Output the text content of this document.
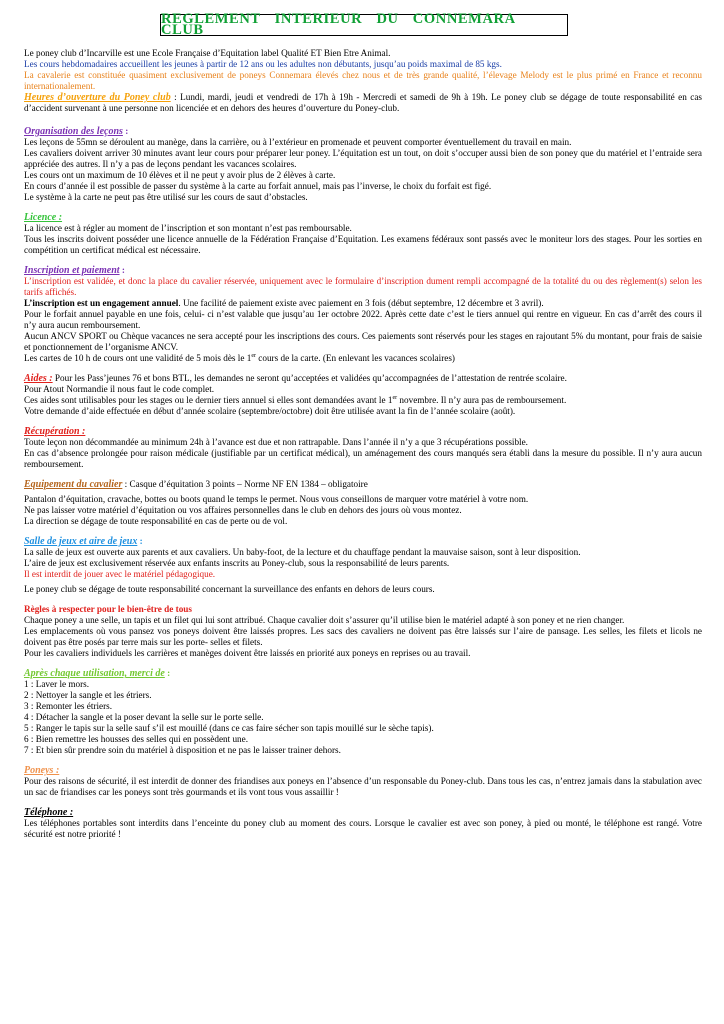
REGLEMENT INTERIEUR DU CONNEMARA CLUB

Le poney club d’Incarville est une Ecole Française d’Equitation label Qualité ET Bien Etre Animal.

Les cours hebdomadaires accueillent les jeunes à partir de 12 ans ou les adultes non débutants, jusqu’au poids maximal de 85 kgs.

La cavalerie est constituée quasiment exclusivement de poneys Connemara élevés chez nous et de très grande qualité, l’élevage Melody est le plus primé en France et reconnu internationalement.

Heures d’ouverture du Poney club : Lundi, mardi, jeudi et vendredi de 17h à 19h - Mercredi et samedi de 9h à 19h. Le poney club se dégage de toute responsabilité en cas d’accident survenant à une personne non licenciée et en dehors des heures d’ouverture du Poney-club.

Organisation des leçons :

Les leçons de 55mn se déroulent au manège, dans la carrière, ou à l’extérieur en promenade et peuvent comporter éventuellement du travail en main.

Les cavaliers doivent arriver 30 minutes avant leur cours pour préparer leur poney. L’équitation est un tout, on doit s’occuper aussi bien de son poney que du matériel et l’entraide sera appréciée des autres. Il n’y a pas de leçons pendant les vacances scolaires.

Les cours ont un maximum de 10 élèves et il ne peut y avoir plus de 2 élèves à carte.

En cours d’année il est possible de passer du système à la carte au forfait annuel, mais pas l’inverse, le choix du forfait est figé.

Le système à la carte ne peut pas être utilisé sur les cours de saut d’obstacles.

Licence :

La licence est à régler au moment de l’inscription et son montant n’est pas remboursable.

Tous les inscrits doivent posséder une licence annuelle de la Fédération Française d’Equitation. Les examens fédéraux sont passés avec le moniteur lors des stages. Pour les sorties en compétition un certificat médical est nécessaire.

Inscription et paiement :

L’inscription est validée, et donc la place du cavalier réservée, uniquement avec le formulaire d’inscription dument rempli accompagné de la totalité du ou des règlement(s) selon les tarifs affichés.

L’inscription est un engagement annuel. Une facilité de paiement existe avec paiement en 3 fois (début septembre, 12 décembre et 3 avril).

Pour le forfait annuel payable en une fois, celui- ci n’est valable que jusqu’au 1er octobre 2022. Après cette date c’est le tiers annuel qui rentre en vigueur. En cas d’arrêt des cours il n’y aura aucun remboursement.

Aucun ANCV SPORT ou Chèque vacances ne sera accepté pour les inscriptions des cours. Ces paiements sont réservés pour les stages en rajoutant 5% du montant, pour frais de saisie et ponctionnement de l’organisme ANCV.

Les cartes de 10 h de cours ont une validité de 5 mois dès le 1er cours de la carte. (En enlevant les vacances scolaires)

Aides : Pour les Pass’jeunes 76 et bons BTL, les demandes ne seront qu’acceptées et validées qu’accompagnées de l’attestation de rentrée scolaire.

Pour Atout Normandie il nous faut le code complet.

Ces aides sont utilisables pour les stages ou le dernier tiers annuel si elles sont demandées avant le 1er novembre. Il n’y aura pas de remboursement.

Votre demande d’aide effectuée en début d’année scolaire (septembre/octobre) doit être utilisée avant la fin de l’année scolaire (août).

Récupération :

Toute leçon non décommandée au minimum 24h à l’avance est due et non rattrapable. Dans l’année il n’y a que 3 récupérations possible.

En cas d’absence prolongée pour raison médicale (justifiable par un certificat médical), un aménagement des cours manqués sera établi dans la mesure du possible. Il n’y aura aucun remboursement.

Equipement du cavalier : Casque d’équitation 3 points – Norme NF EN 1384 – obligatoire

Pantalon d’équitation, cravache, bottes ou boots quand le temps le permet. Nous vous conseillons de marquer votre matériel à votre nom.

Ne pas laisser votre matériel d’équitation ou vos affaires personnelles dans le club en dehors des jours où vous montez.

La direction se dégage de toute responsabilité en cas de perte ou de vol.

Salle de jeux et aire de jeux :

La salle de jeux est ouverte aux parents et aux cavaliers. Un baby-foot, de la lecture et du chauffage pendant la mauvaise saison, sont à leur disposition.

L’aire de jeux est exclusivement réservée aux enfants inscrits au Poney-club, sous la responsabilité de leurs parents.

Il est interdit de jouer avec le matériel pédagogique.

Le poney club se dégage de toute responsabilité concernant la surveillance des enfants en dehors de leurs cours.

Règles à respecter pour le bien-être de tous

Chaque poney a une selle, un tapis et un filet qui lui sont attribué. Chaque cavalier doit s’assurer qu’il utilise bien le matériel adapté à son poney et ne rien changer.

Les emplacements où vous pansez vos poneys doivent être laissés propres. Les sacs des cavaliers ne doivent pas être laissés sur l’aire de pansage. Les selles, les filets et licols ne doivent pas être posés par terre mais sur les porte- selles et filets.

Pour les cavaliers individuels les carrières et manèges doivent être laissés en priorité aux poneys en reprises ou au travail.

Après chaque utilisation, merci de :

1 : Laver le mors.

2 : Nettoyer la sangle et les étriers.

3 : Remonter les étriers.

4 : Détacher la sangle et la poser devant la selle sur le porte selle.

5 : Ranger le tapis sur la selle sauf s’il est mouillé (dans ce cas faire sécher son tapis mouillé sur le sèche tapis).

6 : Bien remettre les housses des selles qui en possèdent une.

7 : Et bien sûr prendre soin du matériel à disposition et ne pas le laisser trainer dehors.

Poneys :

Pour des raisons de sécurité, il est interdit de donner des friandises aux poneys en l’absence d’un responsable du Poney-club. Dans tous les cas, n’entrez jamais dans la stabulation avec un sac de friandises car les poneys sont très gourmands et ils vont tous vous assaillir !

Téléphone :

Les téléphones portables sont interdits dans l’enceinte du poney club au moment des cours. Lorsque le cavalier est avec son poney, à pied ou monté, le téléphone est rangé. Votre sécurité est notre priorité !
